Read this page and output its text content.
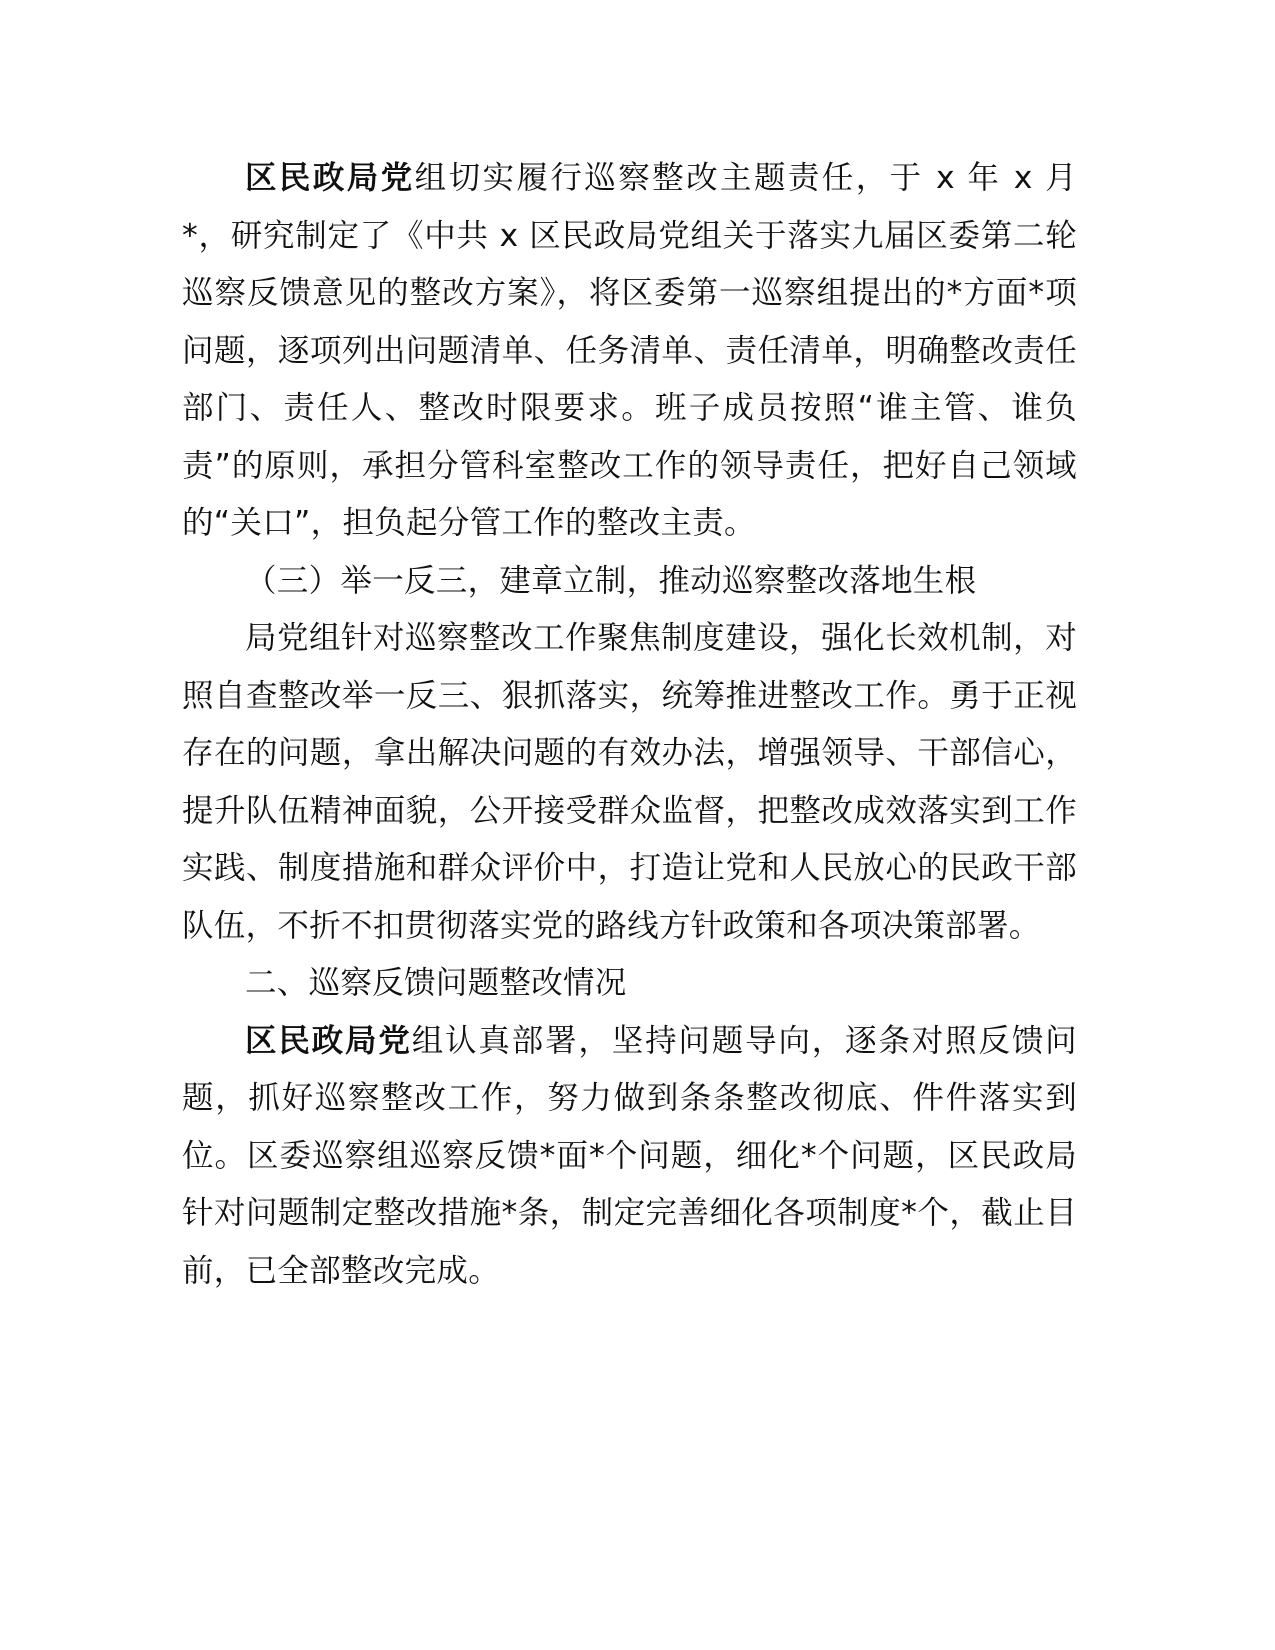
区民政局党组切实履行巡察整改主题责任，于 x 年 x 月 *，研究制定了《中共 x 区民政局党组关于落实九届区委第二轮巡察反馈意见的整改方案》，将区委第一巡察组提出的*方面*项问题，逐项列出问题清单、任务清单、责任清单，明确整改责任部门、责任人、整改时限要求。班子成员按照“谁主管、谁负责”的原则，承担分管科室整改工作的领导责任，把好自己领域的“关口”，担负起分管工作的整改主责。

（三）举一反三，建章立制，推动巡察整改落地生根

局党组针对巡察整改工作聚焦制度建设，强化长效机制，对照自查整改举一反三、狠抓落实，统筹推进整改工作。勇于正视存在的问题，拿出解决问题的有效办法，增强领导、干部信心，提升队伍精神面貌，公开接受群众监督，把整改成效落实到工作实践、制度措施和群众评价中，打造让党和人民放心的民政干部队伍，不折不扣贯彻落实党的路线方针政策和各项决策部署。

二、巡察反馈问题整改情况

区民政局党组认真部署，坚持问题导向，逐条对照反馈问题，抓好巡察整改工作，努力做到条条整改彻底、件件落实到位。区委巡察组巡察反馈*面*个问题，细化*个问题，区民政局针对问题制定整改措施*条，制定完善细化各项制度*个，截止目前，已全部整改完成。
